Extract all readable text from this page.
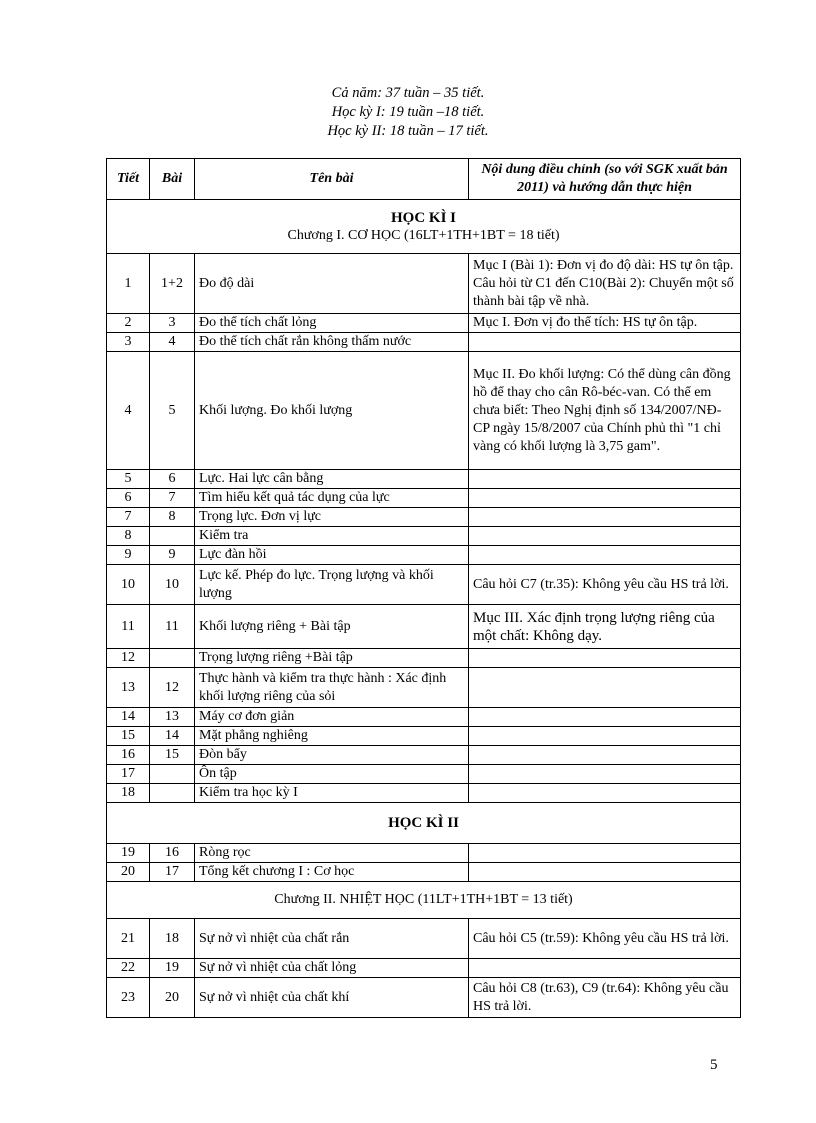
Cả năm: 37 tuần – 35 tiết.
Học kỳ I: 19 tuần –18 tiết.
Học kỳ II: 18 tuần – 17 tiết.
Tiết	Bài	Tên bài	Nội dung điều chỉnh (so với SGK xuất bản 2011) và hướng dẫn thực hiện

HỌC KÌ I
Chương I. CƠ HỌC (16LT+1TH+1BT = 18 tiết)			
1	1+2	Đo độ dài	Mục I (Bài 1): Đơn vị đo độ dài: HS tự ôn tập. Câu hỏi từ C1 đến C10(Bài 2): Chuyển một số thành bài tập về nhà.
2	3	Đo thể tích chất lỏng	Mục I. Đơn vị đo thể tích: HS tự ôn tập.
3	4	Đo thể tích chất rắn không thấm nước	
4	5	Khối lượng. Đo khối lượng	Mục II. Đo khối lượng: Có thể dùng cân đồng hồ để thay cho cân Rô-béc-van. Có thể em chưa biết: Theo Nghị định số 134/2007/NĐ-CP ngày 15/8/2007 của Chính phủ thì "1 chỉ vàng có khối lượng là 3,75 gam".
5	6	Lực. Hai lực cân bằng	
6	7	Tìm hiểu kết quả tác dụng của lực	
7	8	Trọng lực. Đơn vị lực	
8		Kiểm tra	
9	9	Lực đàn hồi	
10	10	Lực kế. Phép đo lực. Trọng lượng và khối lượng	Câu hỏi C7 (tr.35): Không yêu cầu HS trả lời.
11	11	Khối lượng riêng + Bài tập	Mục III. Xác định trọng lượng riêng của một chất: Không dạy.
12		Trọng lượng riêng +Bài tập	
13	12	Thực hành và kiểm tra thực hành : Xác định khối lượng riêng của sỏi	
14	13	Máy cơ đơn giản	
15	14	Mặt phẳng nghiêng	
16	15	Đòn bẩy	
17		Ôn tập	
18		Kiểm tra học kỳ I	

HỌC KÌ II			

19	16	Ròng rọc	
20	17	Tổng kết chương I : Cơ học	
Chương II. NHIỆT HỌC (11LT+1TH+1BT = 13 tiết)			
21	18	Sự nở vì nhiệt của chất rắn	Câu hỏi C5 (tr.59): Không yêu cầu HS trả lời.
22	19	Sự nở vì nhiệt của chất lỏng	
23	20	Sự nở vì nhiệt của chất khí	Câu hỏi C8 (tr.63), C9 (tr.64): Không yêu cầu HS trả lời.
5
